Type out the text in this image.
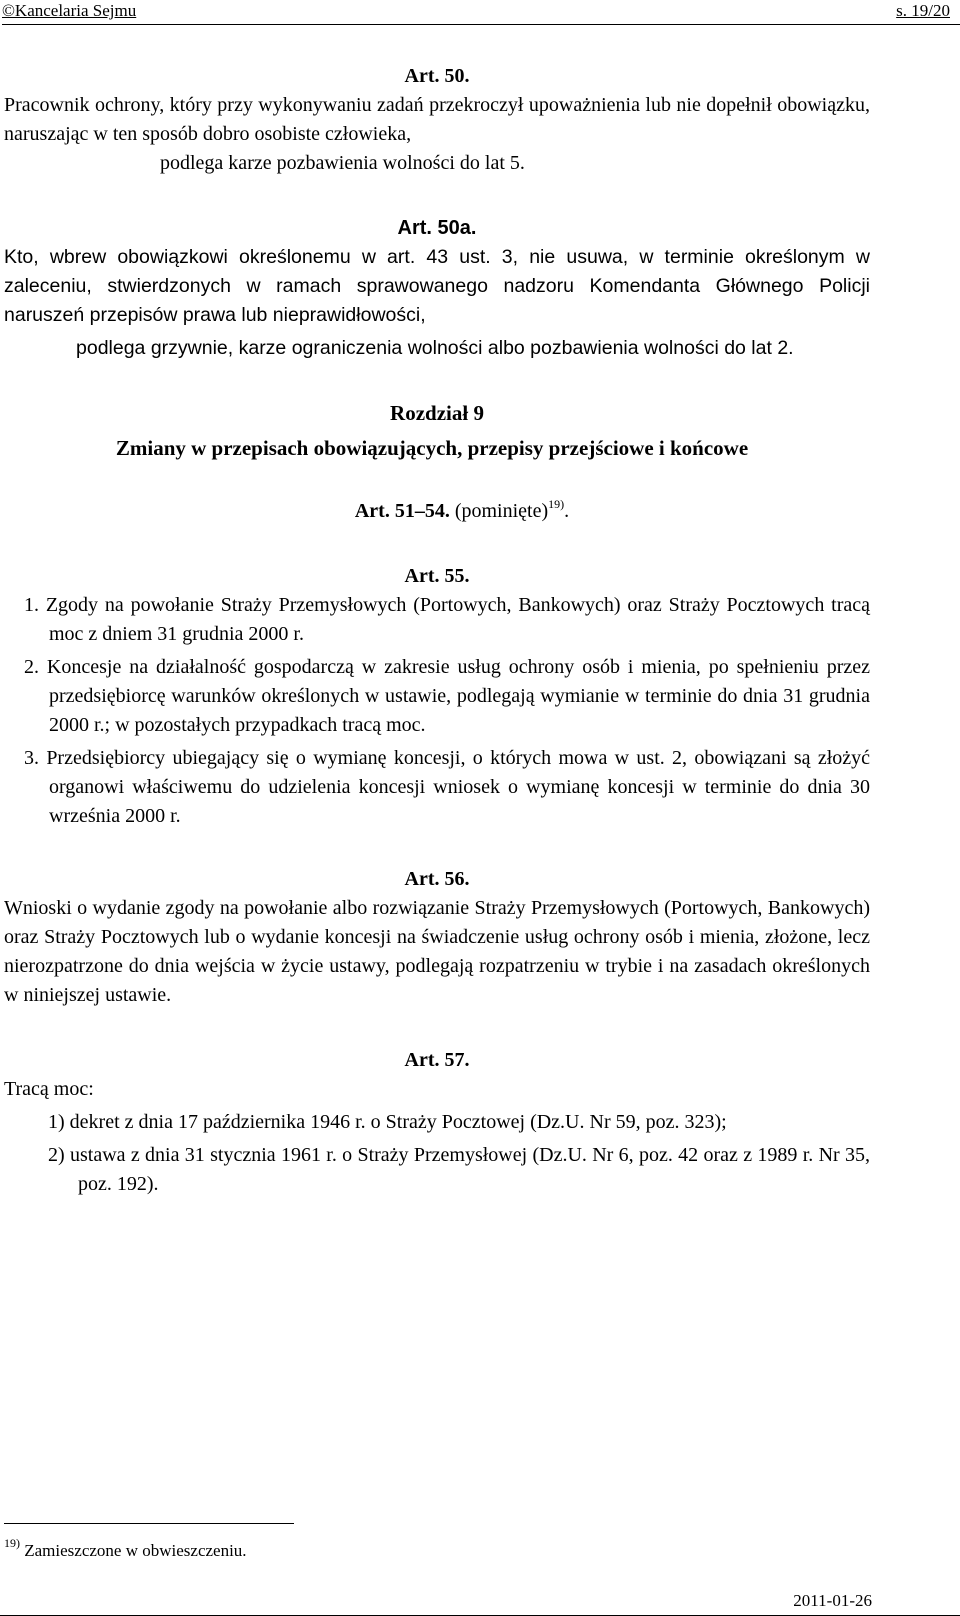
©Kancelaria Sejmu	s. 19/20

Art. 50.

Pracownik ochrony, który przy wykonywaniu zadań przekroczył upoważnienia lub nie dopełnił obowiązku, naruszając w ten sposób dobro osobiste człowieka,

podlega karze pozbawienia wolności do lat 5.

Art. 50a.

Kto, wbrew obowiązkowi określonemu w art. 43 ust. 3, nie usuwa, w terminie określonym w zaleceniu, stwierdzonych w ramach sprawowanego nadzoru Komendanta Głównego Policji naruszeń przepisów prawa lub nieprawidłowości,

podlega grzywnie, karze ograniczenia wolności albo pozbawienia wolności do lat 2.

Rozdział 9

Zmiany w przepisach obowiązujących, przepisy przejściowe i końcowe

Art. 51–54. (pominięte)$^{19)}$.

Art. 55.

1. Zgody na powołanie Straży Przemysłowych (Portowych, Bankowych) oraz Straży Pocztowych tracą moc z dniem 31 grudnia 2000 r.

2. Koncesje na działalność gospodarczą w zakresie usług ochrony osób i mienia, po spełnieniu przez przedsiębiorcę warunków określonych w ustawie, podlegają wymianie w terminie do dnia 31 grudnia 2000 r.; w pozostałych przypadkach tracą moc.

3. Przedsiębiorcy ubiegający się o wymianę koncesji, o których mowa w ust. 2, obowiązani są złożyć organowi właściwemu do udzielenia koncesji wniosek o wymianę koncesji w terminie do dnia 30 września 2000 r.

Art. 56.

Wnioski o wydanie zgody na powołanie albo rozwiązanie Straży Przemysłowych (Portowych, Bankowych) oraz Straży Pocztowych lub o wydanie koncesji na świadczenie usług ochrony osób i mienia, złożone, lecz nierozpatrzone do dnia wejścia w życie ustawy, podlegają rozpatrzeniu w trybie i na zasadach określonych w niniejszej ustawie.

Art. 57.

Tracą moc:

1) dekret z dnia 17 października 1946 r. o Straży Pocztowej (Dz.U. Nr 59, poz. 323);

2) ustawa z dnia 31 stycznia 1961 r. o Straży Przemysłowej (Dz.U. Nr 6, poz. 42 oraz z 1989 r. Nr 35, poz. 192).

$^{19)}$ Zamieszczone w obwieszczeniu.
2011-01-26
